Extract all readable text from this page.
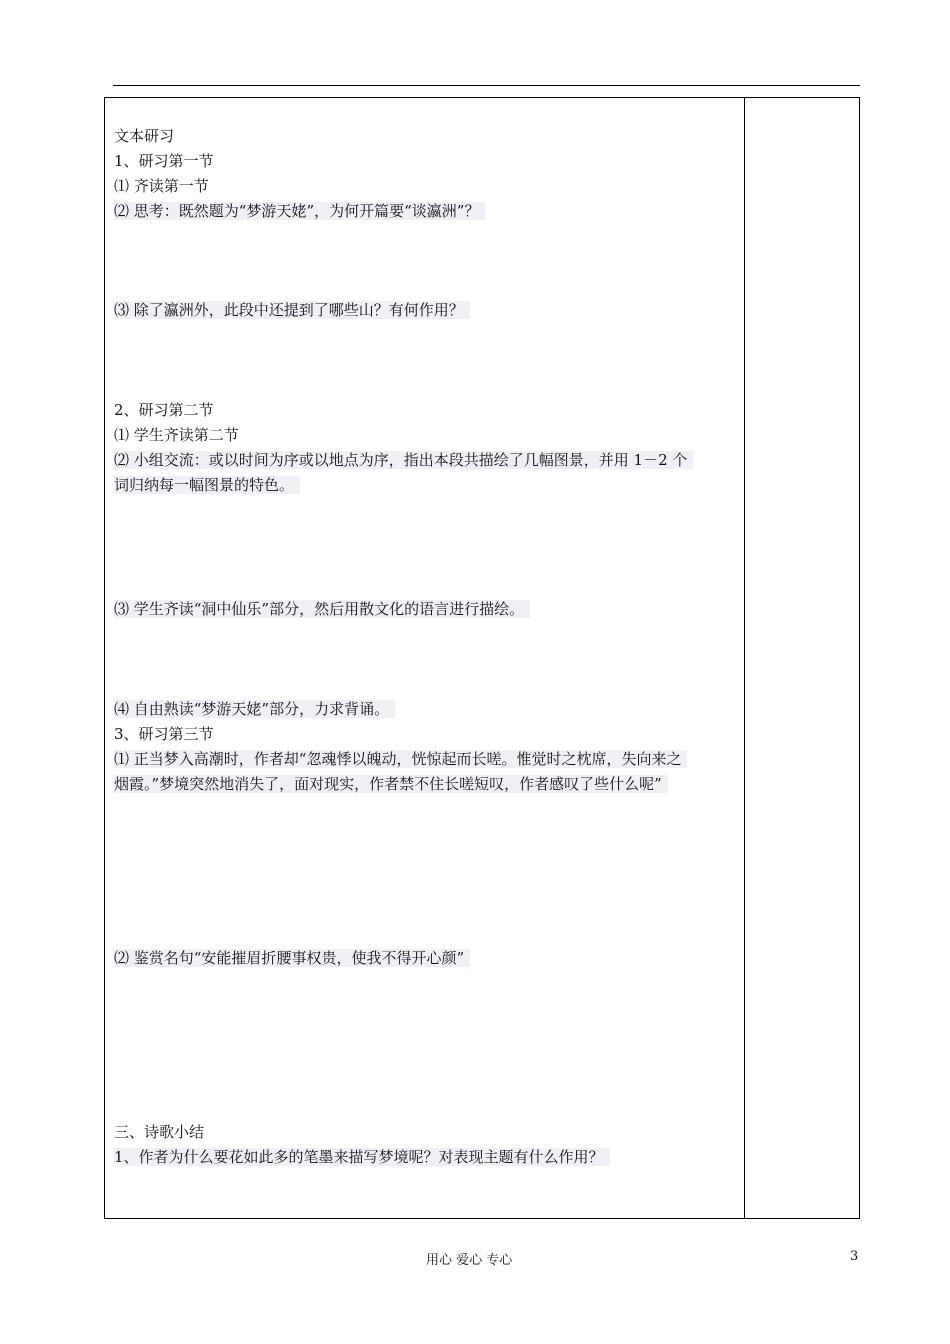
文本研习
1、研习第一节
⑴ 齐读第一节
⑵ 思考：既然题为“梦游天姥”，为何开篇要“谈瀛洲”？
⑶ 除了瀛洲外，此段中还提到了哪些山？有何作用？
2、研习第二节
⑴ 学生齐读第二节
⑵ 小组交流：或以时间为序或以地点为序，指出本段共描绘了几幅图景，并用 1－2 个
词归纳每一幅图景的特色。
⑶ 学生齐读“洞中仙乐”部分，然后用散文化的语言进行描绘。
⑷ 自由熟读“梦游天姥”部分，力求背诵。
3、研习第三节
⑴ 正当梦入高潮时，作者却“忽魂悸以魄动，恍惊起而长嗟。惟觉时之枕席，失向来之
烟霞。”梦境突然地消失了，面对现实，作者禁不住长嗟短叹，作者感叹了些什么呢”
⑵ 鉴赏名句“安能摧眉折腰事权贵，使我不得开心颜”
三、诗歌小结
1、作者为什么要花如此多的笔墨来描写梦境呢？对表现主题有什么作用？
用心 爱心 专心	3
